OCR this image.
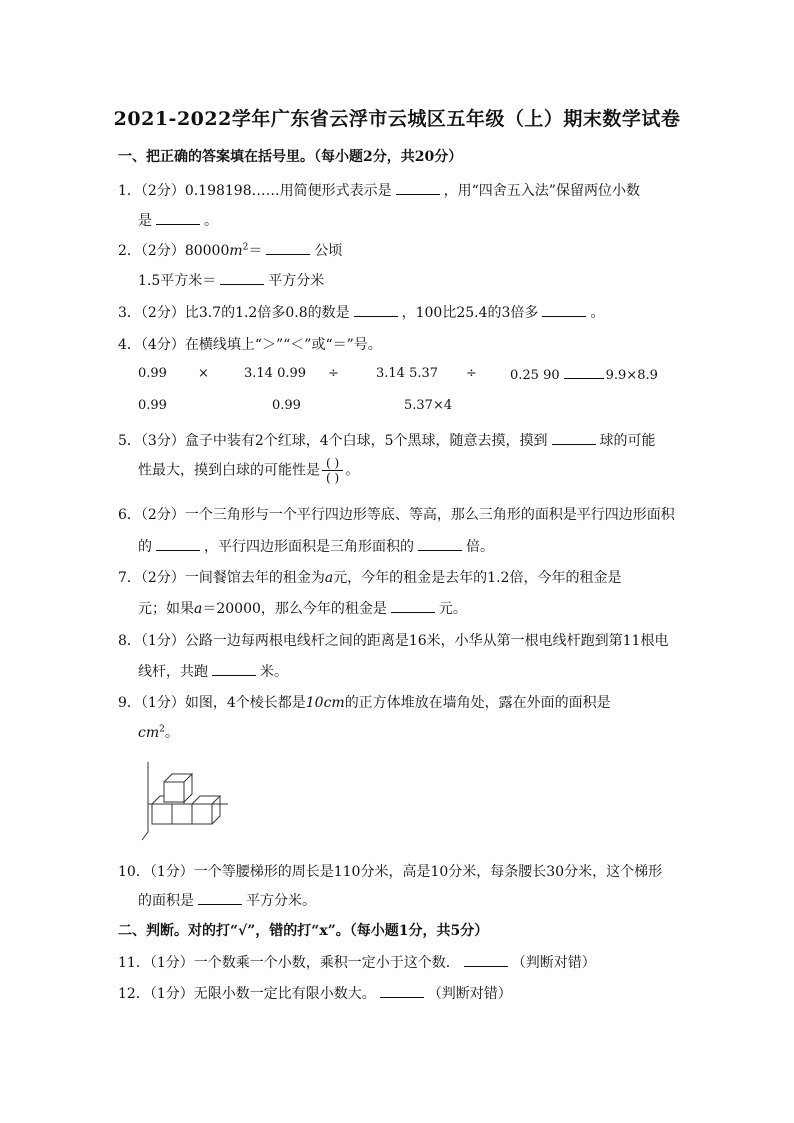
2021-2022学年广东省云浮市云城区五年级（上）期末数学试卷
一、把正确的答案填在括号里。（每小题2分，共20分）
1．（2分）0.198198……用简便形式表示是	，用“四舍五入法”保留两位小数
是	。
2．（2分）$80000m^2=$	公顷
1.5平方米＝	平方分米
3．（2分）比3.7的1.2倍多0.8的数是	，100比25.4的3倍多	。
4．（4分）在横线填上“＞”“＜”或“＝”号。
0.99 ×	3.14 0.99 ÷	3.14 5.37 ÷	0.25 90	9.9×8.9
0.99	0.99	5.37×4
5．（3分）盒子中装有2个红球，4个白球，5个黑球，随意去摸，摸到	球的可能
性最大，摸到白球的可能性是 $\frac{( )}{( )}$ 。
6．（2分）一个三角形与一个平行四边形等底、等高，那么三角形的面积是平行四边形面积
的	，平行四边形面积是三角形面积的	倍。
7．（2分）一间餐馆去年的租金为a元，今年的租金是去年的1.2倍，今年的租金是
元；如果a＝20000，那么今年的租金是	元。
8．（1分）公路一边每两根电线杆之间的距离是16米，小华从第一根电线杆跑到第11根电
线杆，共跑	米。
9．（1分）如图，4个棱长都是10cm的正方体堆放在墙角处，露在外面的面积是
$cm^2$。
10．（1分）一个等腰梯形的周长是110分米，高是10分米，每条腰长30分米，这个梯形
的面积是	平方分米。
二、判断。对的打“√”，错的打“x”。（每小题1分，共5分）
11．（1分）一个数乘一个小数，乘积一定小于这个数．	（判断对错）
12．（1分）无限小数一定比有限小数大。	（判断对错）
